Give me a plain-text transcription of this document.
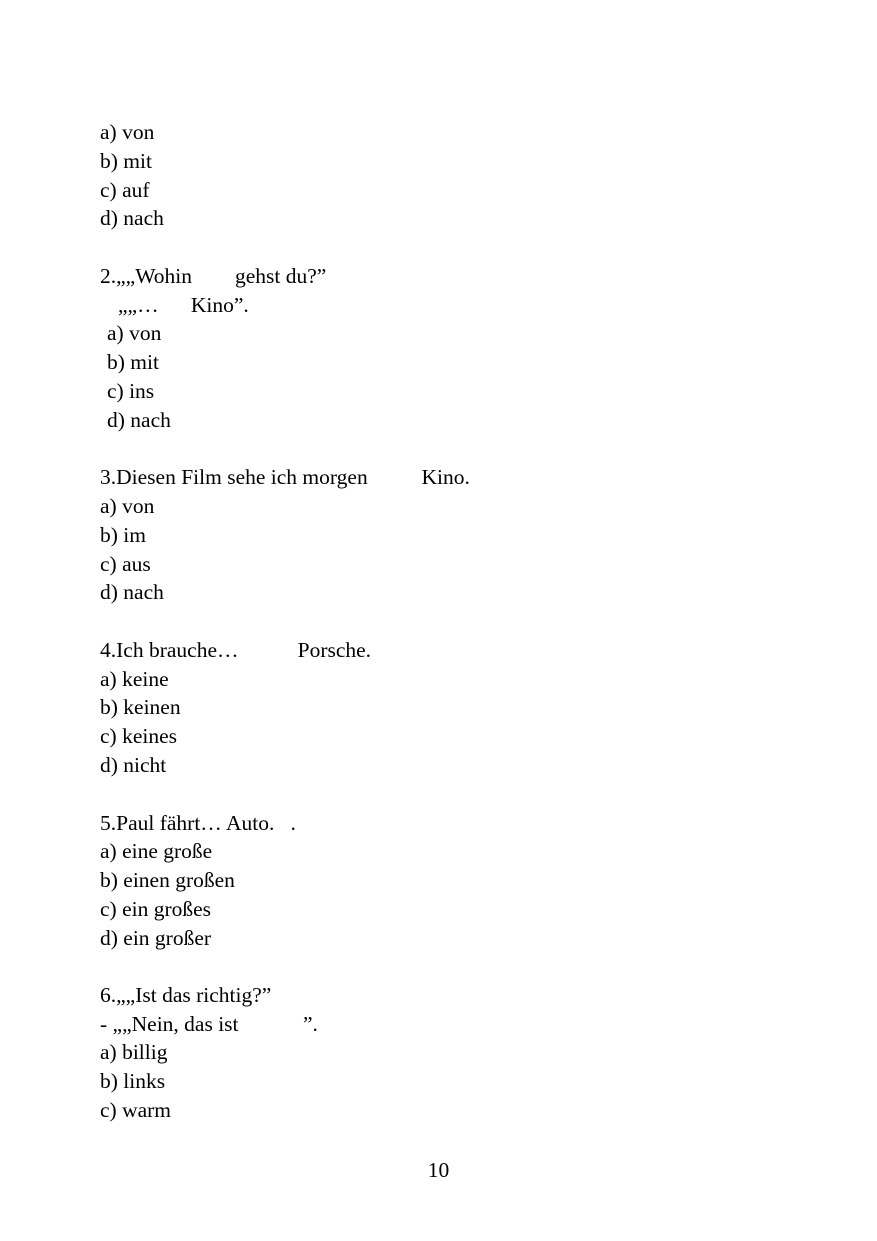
a) von
b) mit
c) auf
d) nach
2.„„Wohin        gehst du?”
„„…      Kino”.
a) von
b) mit
c) ins
d) nach
3.Diesen Film sehe ich morgen          Kino.
a) von
b) im
c) aus
d) nach
4.Ich brauche…           Porsche.
a) keine
b) keinen
c) keines
d) nicht
5.Paul fährt… Auto.   .
a) eine große
b) einen großen
c) ein großes
d) ein großer
6.„„Ist das richtig?”
- „„Nein, das ist            ”.
a) billig
b) links
c) warm
10
